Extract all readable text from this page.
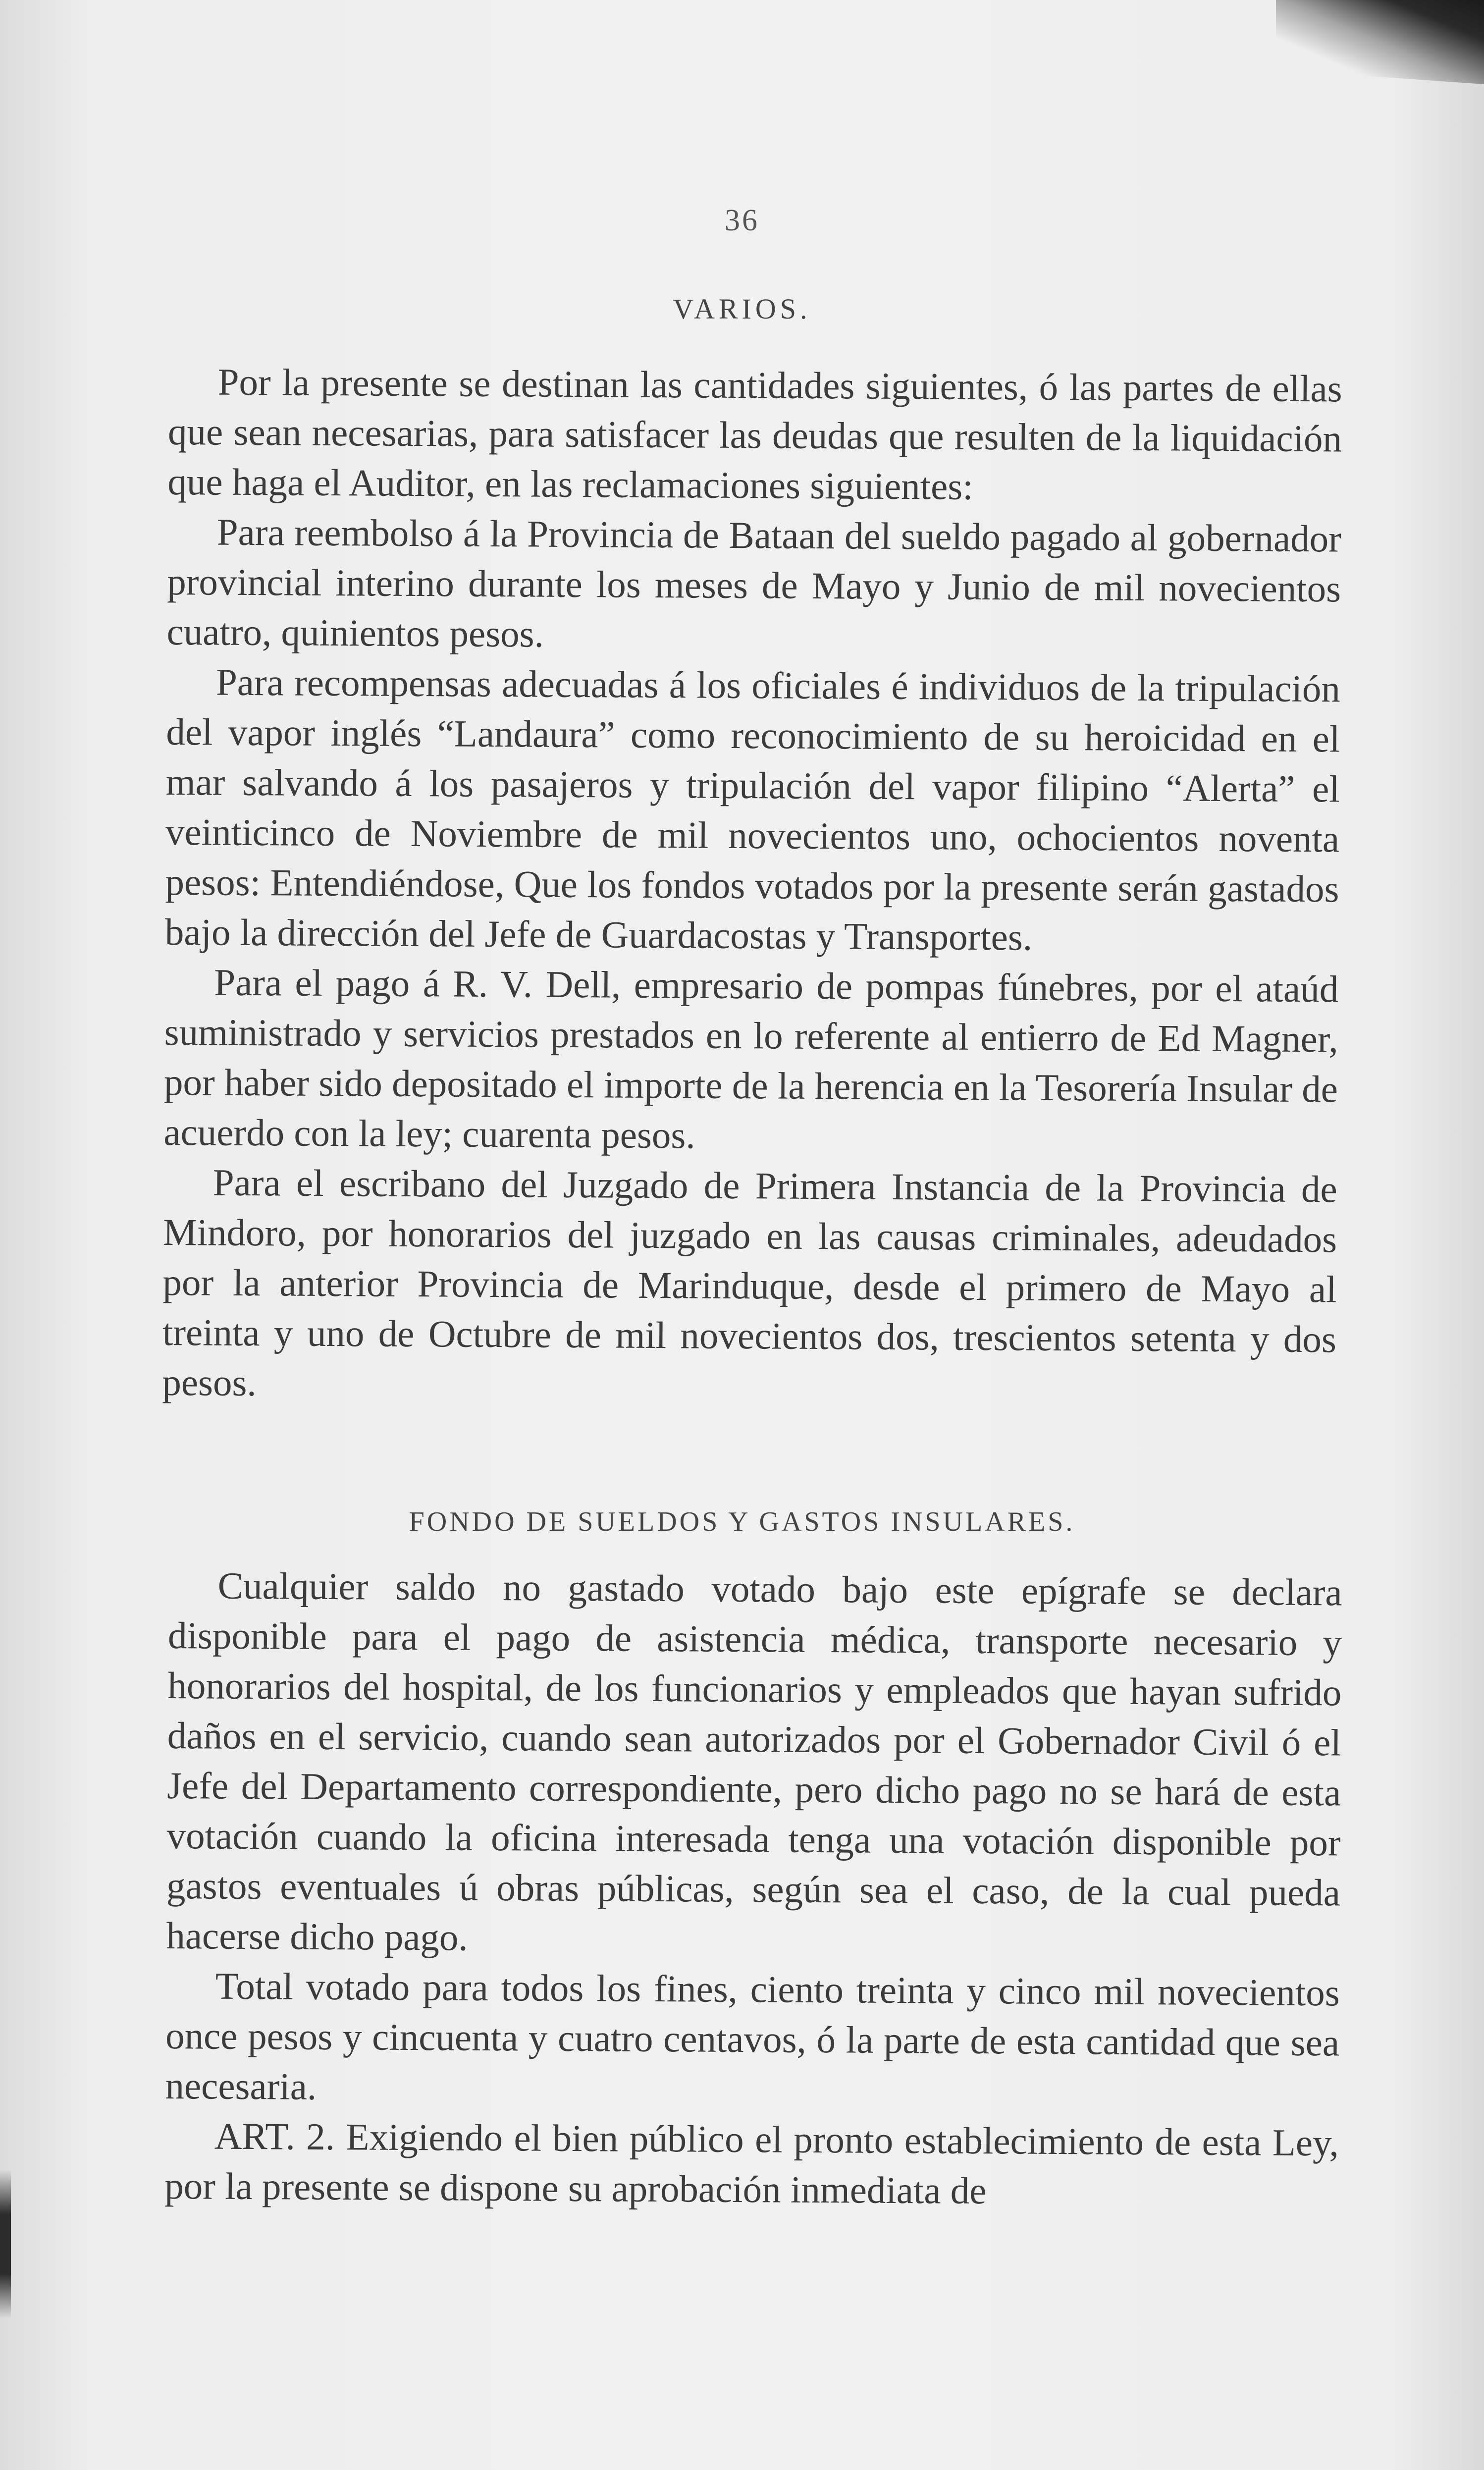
36
VARIOS.

Por la presente se destinan las cantidades siguientes, ó las partes de ellas que sean necesarias, para satisfacer las deudas que resulten de la liquidación que haga el Auditor, en las reclamaciones siguientes:

Para reembolso á la Provincia de Bataan del sueldo pagado al gobernador provincial interino durante los meses de Mayo y Junio de mil novecientos cuatro, quinientos pesos.

Para recompensas adecuadas á los oficiales é individuos de la tripulación del vapor inglés “Landaura” como reconocimiento de su heroicidad en el mar salvando á los pasajeros y tripulación del vapor filipino “Alerta” el veinticinco de Noviembre de mil novecientos uno, ochocientos noventa pesos: Entendiéndose, Que los fondos votados por la presente serán gastados bajo la dirección del Jefe de Guardacostas y Transportes.

Para el pago á R. V. Dell, empresario de pompas fúnebres, por el ataúd suministrado y servicios prestados en lo referente al entierro de Ed Magner, por haber sido depositado el importe de la herencia en la Tesorería Insular de acuerdo con la ley; cuarenta pesos.

Para el escribano del Juzgado de Primera Instancia de la Provincia de Mindoro, por honorarios del juzgado en las causas criminales, adeudados por la anterior Provincia de Marinduque, desde el primero de Mayo al treinta y uno de Octubre de mil novecientos dos, trescientos setenta y dos pesos.

FONDO DE SUELDOS Y GASTOS INSULARES.

Cualquier saldo no gastado votado bajo este epígrafe se declara disponible para el pago de asistencia médica, transporte necesario y honorarios del hospital, de los funcionarios y empleados que hayan sufrido daños en el servicio, cuando sean autorizados por el Gobernador Civil ó el Jefe del Departamento correspondiente, pero dicho pago no se hará de esta votación cuando la oficina interesada tenga una votación disponible por gastos eventuales ú obras públicas, según sea el caso, de la cual pueda hacerse dicho pago.

Total votado para todos los fines, ciento treinta y cinco mil novecientos once pesos y cincuenta y cuatro centavos, ó la parte de esta cantidad que sea necesaria.

ART. 2. Exigiendo el bien público el pronto establecimiento de esta Ley, por la presente se dispone su aprobación inmediata de
